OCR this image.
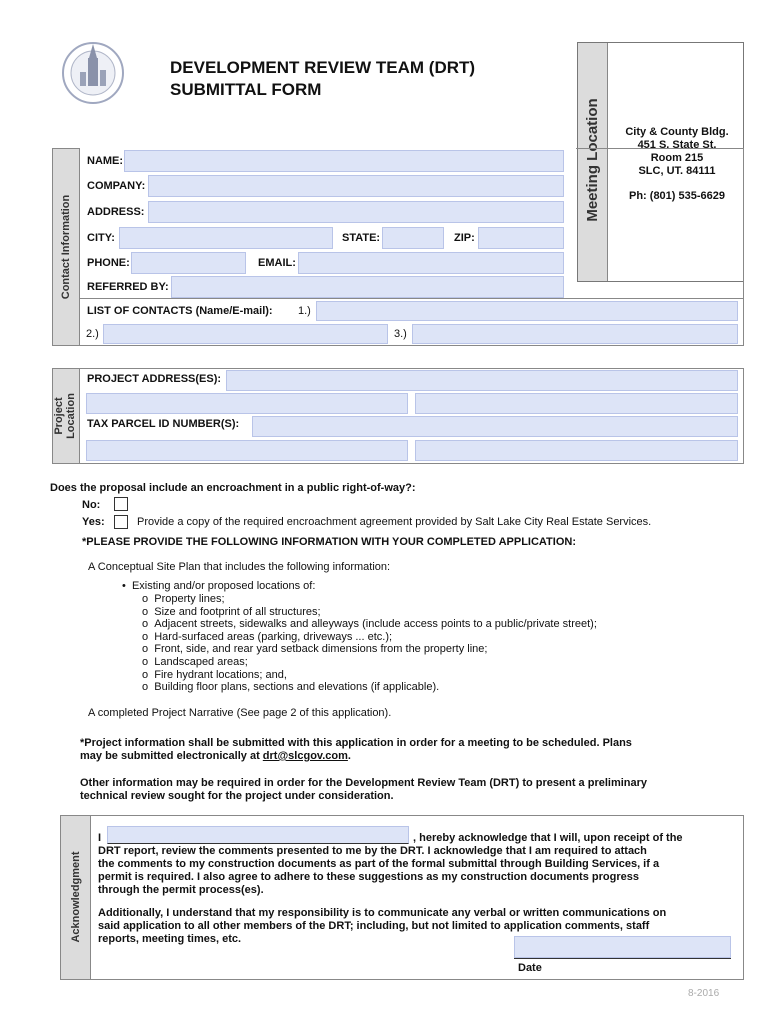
DEVELOPMENT REVIEW TEAM (DRT)
SUBMITTAL FORM
Meeting Location	City & County Bldg.
451 S. State St.
Room 215
SLC, UT. 84111
Ph: (801) 535-6629
Contact Information
NAME:
COMPANY:
ADDRESS:
CITY:	STATE:	ZIP:
PHONE:	EMAIL:
REFERRED BY:
LIST OF CONTACTS (Name/E-mail): 1.)
2.)	3.)
Project Location
PROJECT ADDRESS(ES):
TAX PARCEL ID NUMBER(S):
Does the proposal include an encroachment in a public right-of-way?:
No:
Yes:	Provide a copy of the required encroachment agreement provided by Salt Lake City Real Estate Services.
*PLEASE PROVIDE THE FOLLOWING INFORMATION WITH YOUR COMPLETED APPLICATION:
A Conceptual Site Plan that includes the following information:
•  Existing and/or proposed locations of:
o  Property lines;
o  Size and footprint of all structures;
o  Adjacent streets, sidewalks and alleyways (include access points to a public/private street);
o  Hard-surfaced areas (parking, driveways ... etc.);
o  Front, side, and rear yard setback dimensions from the property line;
o  Landscaped areas;
o  Fire hydrant locations; and,
o  Building floor plans, sections and elevations (if applicable).
A completed Project Narrative (See page 2 of this application).
*Project information shall be submitted with this application in order for a meeting to be scheduled. Plans
may be submitted electronically at drt@slcgov.com.
Other information may be required in order for the Development Review Team (DRT) to present a preliminary
technical review sought for the project under consideration.
Acknowledgment
I	, hereby acknowledge that I will, upon receipt of the
DRT report, review the comments presented to me by the DRT. I acknowledge that I am required to attach
the comments to my construction documents as part of the formal submittal through Building Services, if a
permit is required. I also agree to adhere to these suggestions as my construction documents progress
through the permit process(es).
Additionally, I understand that my responsibility is to communicate any verbal or written communications on
said application to all other members of the DRT; including, but not limited to application comments, staff
reports, meeting times, etc.
Date
8-2016
